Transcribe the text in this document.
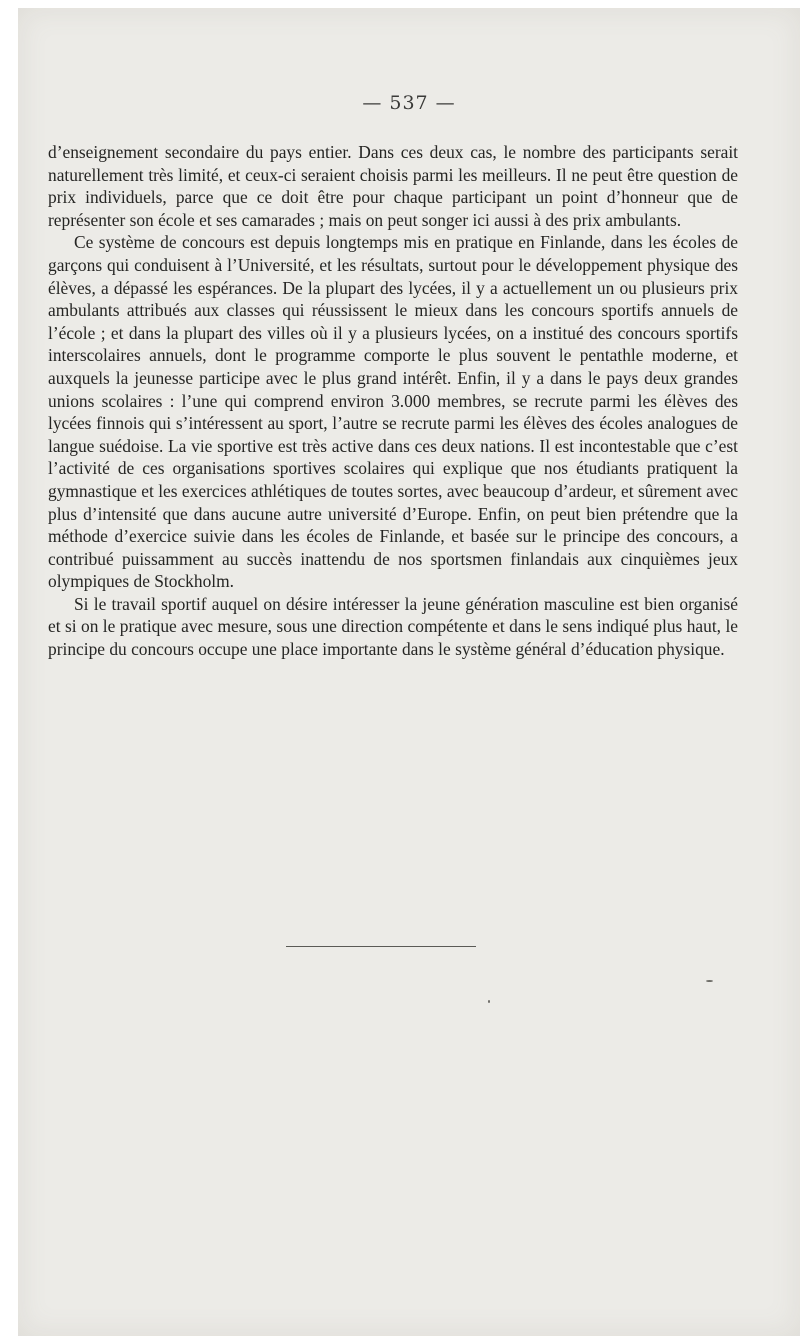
— 537 —

d’enseignement secondaire du pays entier. Dans ces deux cas, le nombre des participants serait naturellement très limité, et ceux-ci seraient choisis parmi les meilleurs. Il ne peut être question de prix individuels, parce que ce doit être pour chaque participant un point d’honneur que de représenter son école et ses camarades ; mais on peut songer ici aussi à des prix ambulants.

Ce système de concours est depuis longtemps mis en pratique en Finlande, dans les écoles de garçons qui conduisent à l’Université, et les résultats, surtout pour le développement physique des élèves, a dépassé les espérances. De la plupart des lycées, il y a actuellement un ou plusieurs prix ambulants attribués aux classes qui réussissent le mieux dans les concours sportifs annuels de l’école ; et dans la plupart des villes où il y a plusieurs lycées, on a institué des concours sportifs interscolaires annuels, dont le programme comporte le plus souvent le pentathle moderne, et auxquels la jeunesse participe avec le plus grand intérêt. Enfin, il y a dans le pays deux grandes unions scolaires : l’une qui comprend environ 3.000 membres, se recrute parmi les élèves des lycées finnois qui s’intéressent au sport, l’autre se recrute parmi les élèves des écoles analogues de langue suédoise. La vie sportive est très active dans ces deux nations. Il est incontestable que c’est l’activité de ces organisations sportives scolaires qui explique que nos étudiants pratiquent la gymnastique et les exercices athlétiques de toutes sortes, avec beaucoup d’ardeur, et sûrement avec plus d’intensité que dans aucune autre université d’Europe. Enfin, on peut bien prétendre que la méthode d’exercice suivie dans les écoles de Finlande, et basée sur le principe des concours, a contribué puissamment au succès inattendu de nos sportsmen finlandais aux cinquièmes jeux olympiques de Stockholm.

Si le travail sportif auquel on désire intéresser la jeune génération masculine est bien organisé et si on le pratique avec mesure, sous une direction compétente et dans le sens indiqué plus haut, le principe du concours occupe une place importante dans le système général d’éducation physique.
